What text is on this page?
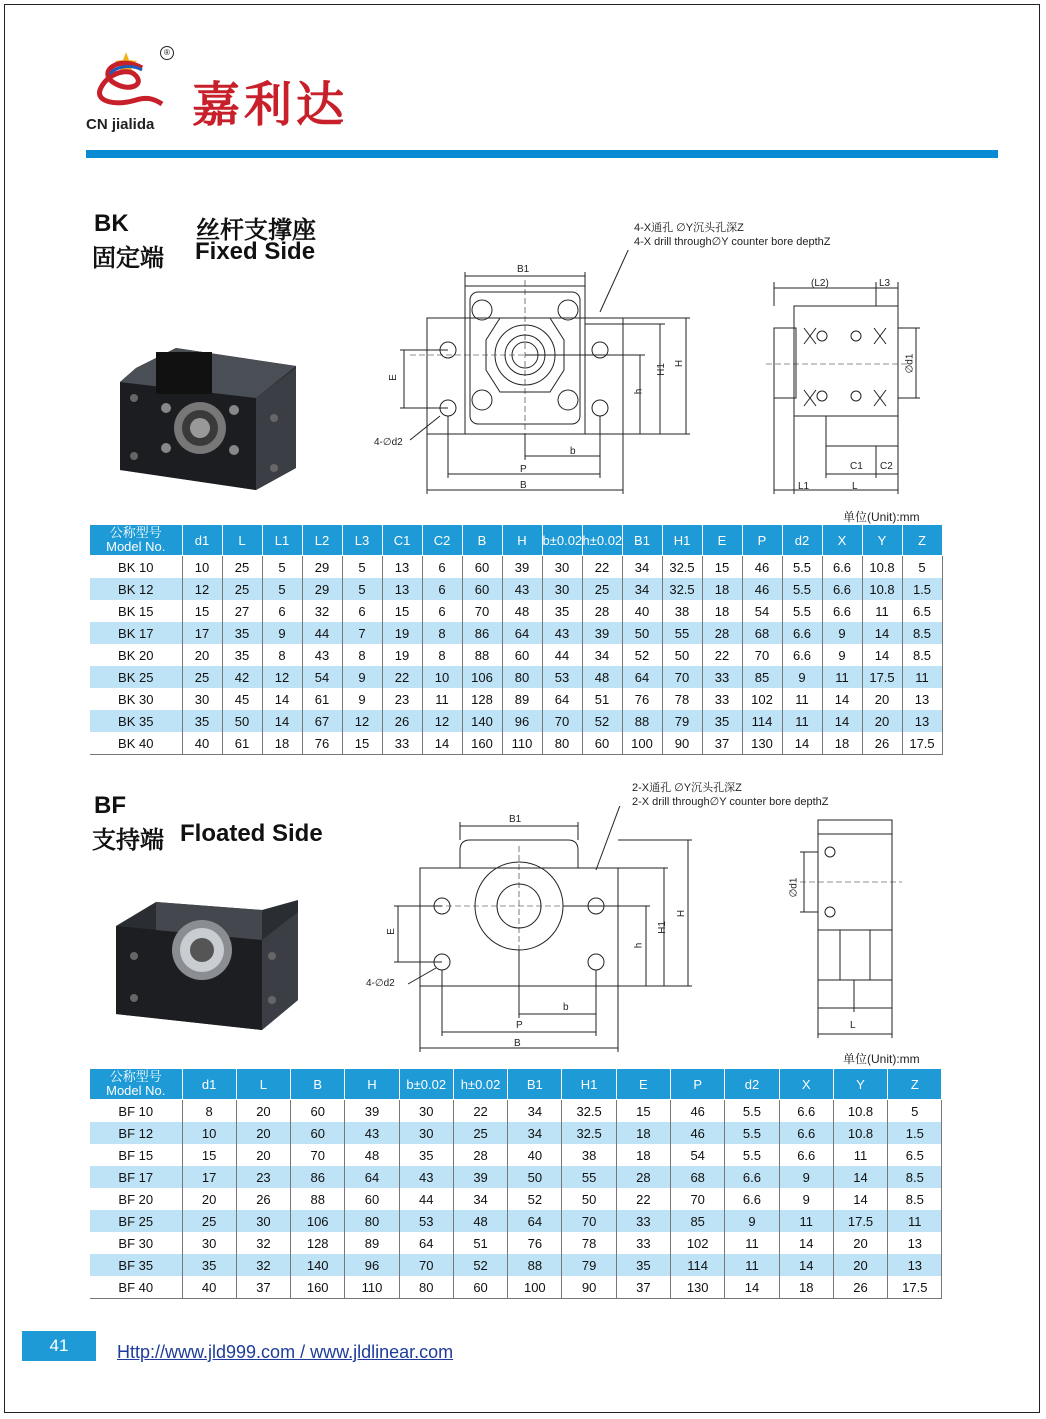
®
CN jialida 嘉利达
BK	丝杆支撑座
固定端 Fixed Side
4-X通孔 ∅Y沉头孔深Z
4-X drill through∅Y counter bore depthZ
B1
H1 H
h
E
b
P
B
4-∅d2
(L2)	L3
∅d1
C1 C2
L1	L
单位(Unit):mm
公称型号
Model No.	d1	L	L1	L2	L3	C1	C2	B	H	b±0.02	h±0.02	B1	H1	E	P	d2	X	Y	Z
BK 10	10	25	5	29	5	13	6	60	39	30	22	34	32.5	15	46	5.5	6.6	10.8	5
BK 12	12	25	5	29	5	13	6	60	43	30	25	34	32.5	18	46	5.5	6.6	10.8	1.5
BK 15	15	27	6	32	6	15	6	70	48	35	28	40	38	18	54	5.5	6.6	11	6.5
BK 17	17	35	9	44	7	19	8	86	64	43	39	50	55	28	68	6.6	9	14	8.5
BK 20	20	35	8	43	8	19	8	88	60	44	34	52	50	22	70	6.6	9	14	8.5
BK 25	25	42	12	54	9	22	10	106	80	53	48	64	70	33	85	9	11	17.5	11
BK 30	30	45	14	61	9	23	11	128	89	64	51	76	78	33	102	11	14	20	13
BK 35	35	50	14	67	12	26	12	140	96	70	52	88	79	35	114	11	14	20	13
BK 40	40	61	18	76	15	33	14	160	110	80	60	100	90	37	130	14	18	26	17.5
BF
支持端 Floated Side
2-X通孔 ∅Y沉头孔深Z
2-X drill through∅Y counter bore depthZ
B1
H1
H
h
E
b
P
B
4-∅d2
∅d1
L
单位(Unit):mm
公称型号
Model No.	d1	L	B	H	b±0.02	h±0.02	B1	H1	E	P	d2	X	Y	Z
BF 10	8	20	60	39	30	22	34	32.5	15	46	5.5	6.6	10.8	5
BF 12	10	20	60	43	30	25	34	32.5	18	46	5.5	6.6	10.8	1.5
BF 15	15	20	70	48	35	28	40	38	18	54	5.5	6.6	11	6.5
BF 17	17	23	86	64	43	39	50	55	28	68	6.6	9	14	8.5
BF 20	20	26	88	60	44	34	52	50	22	70	6.6	9	14	8.5
BF 25	25	30	106	80	53	48	64	70	33	85	9	11	17.5	11
BF 30	30	32	128	89	64	51	76	78	33	102	11	14	20	13
BF 35	35	32	140	96	70	52	88	79	35	114	11	14	20	13
BF 40	40	37	160	110	80	60	100	90	37	130	14	18	26	17.5
41	Http://www.jld999.com / www.jldlinear.com
